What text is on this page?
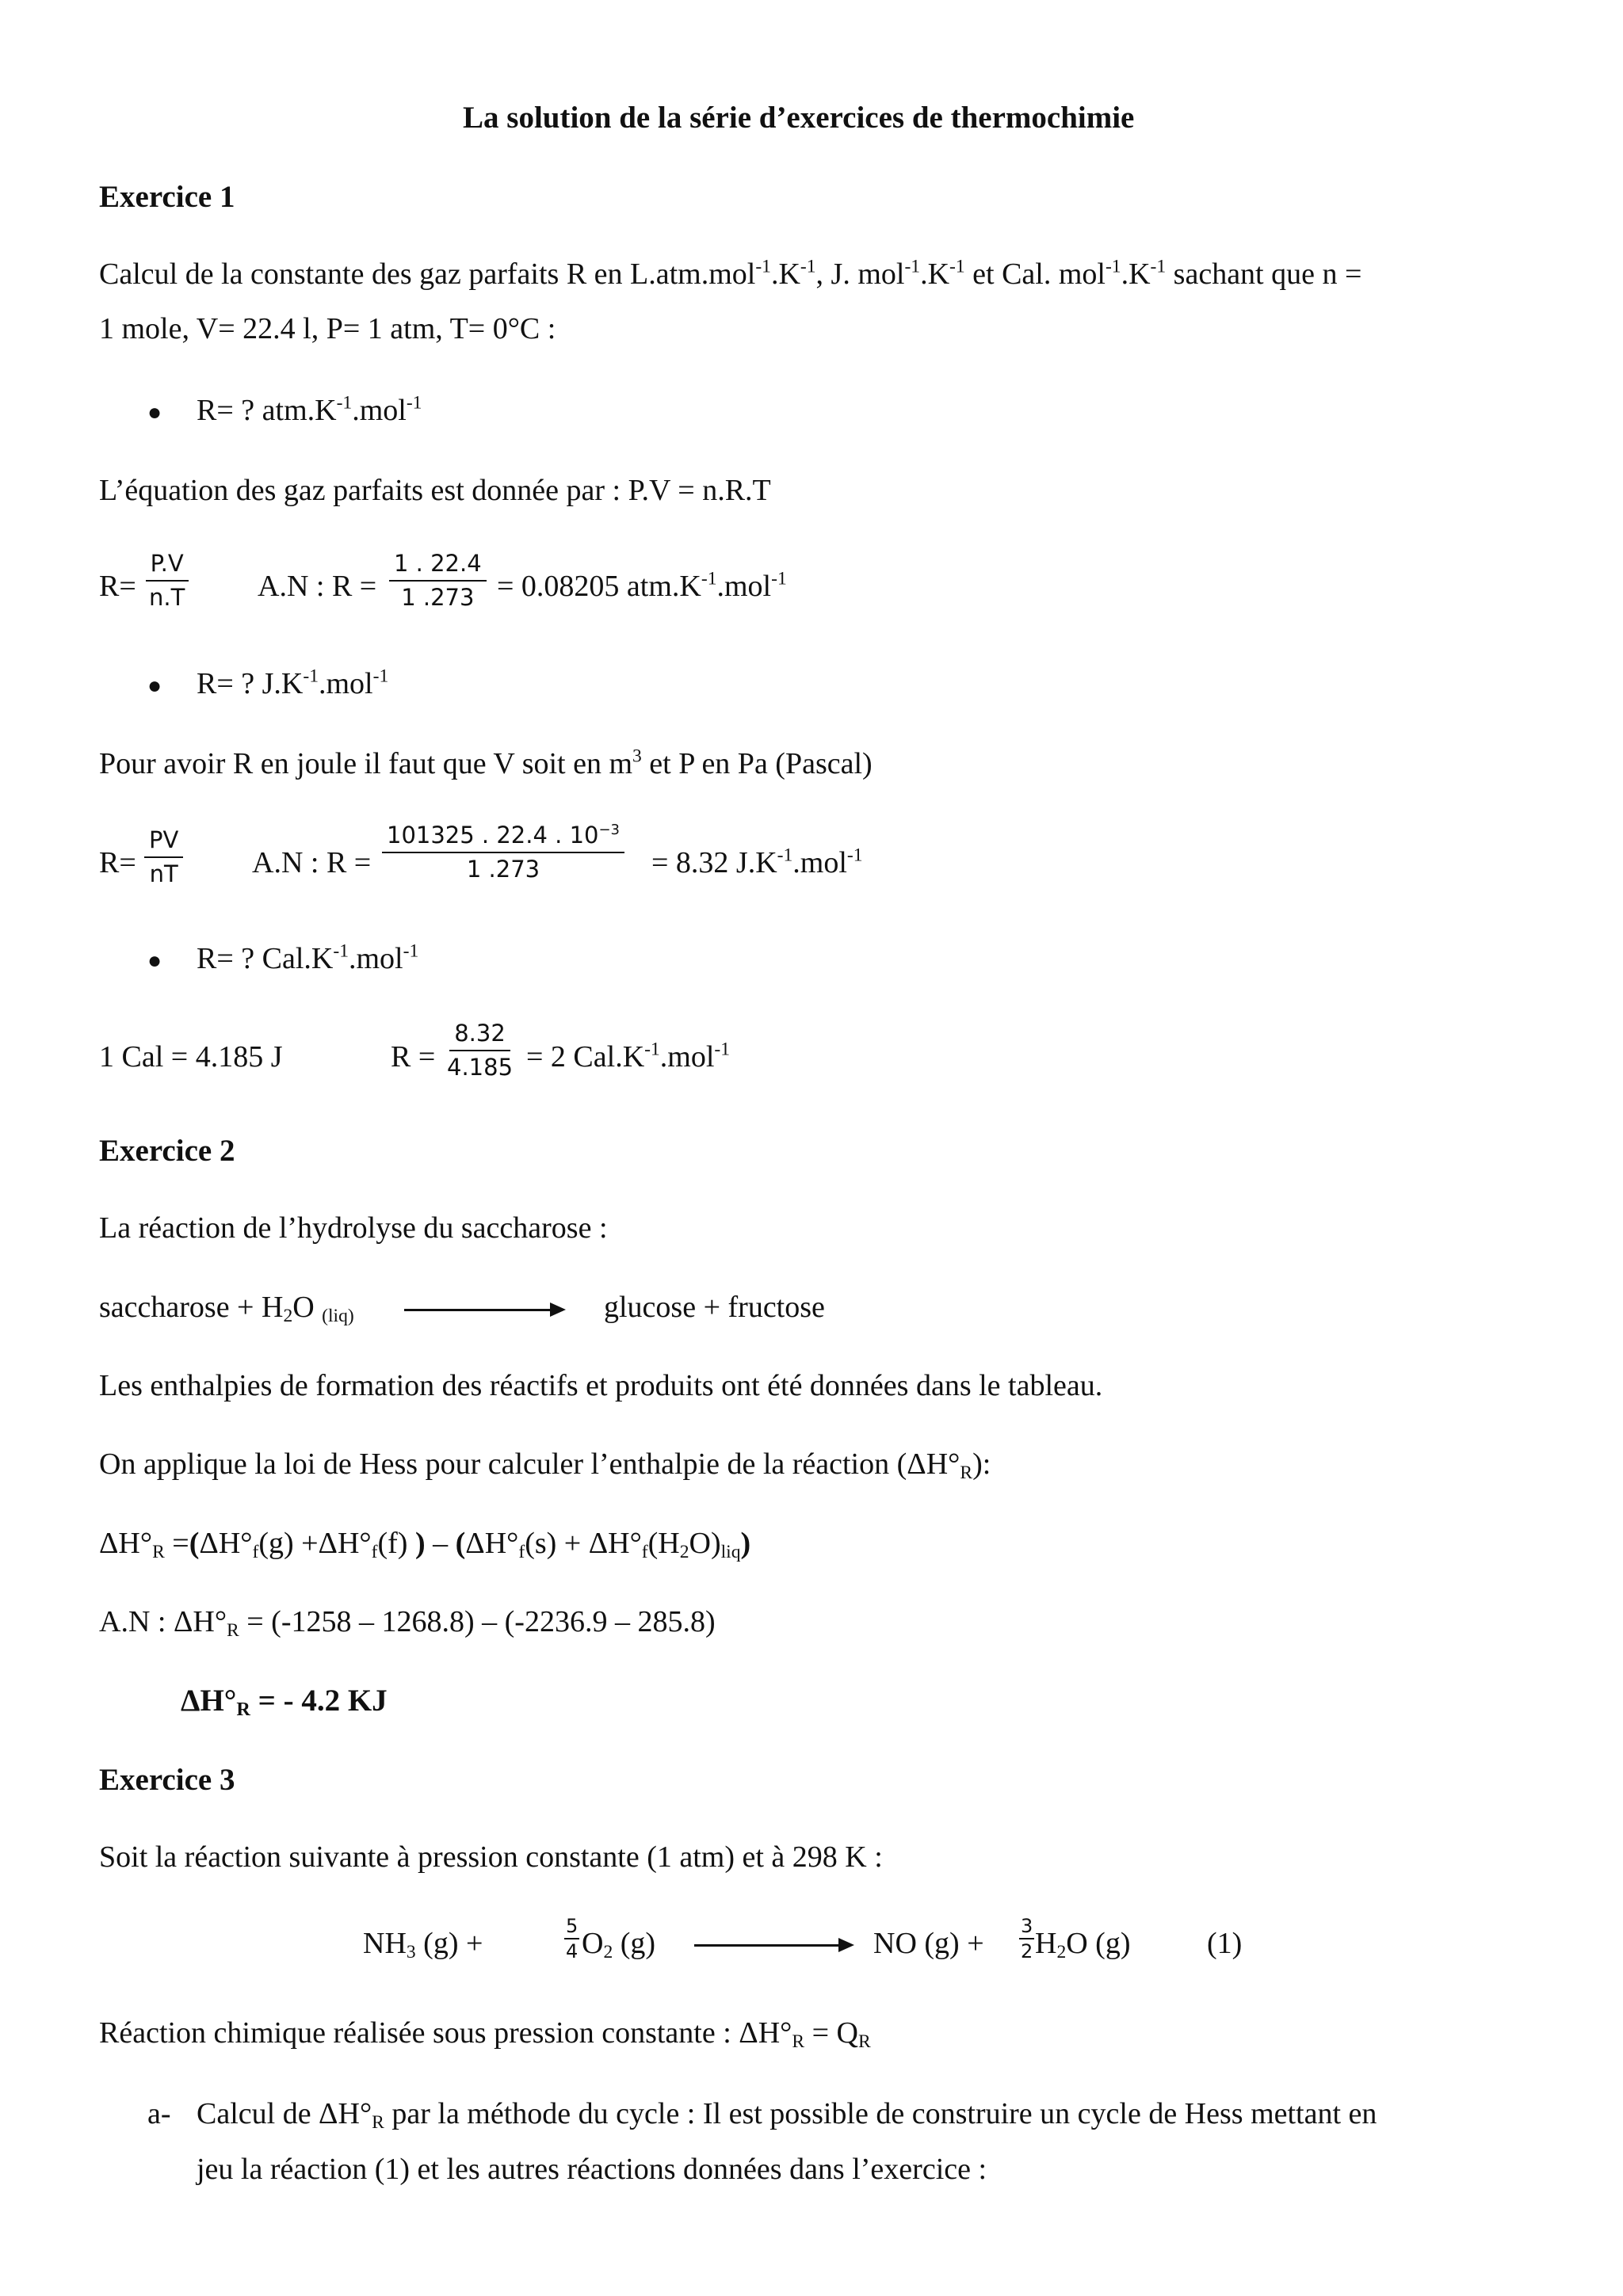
La solution de la série d’exercices de thermochimie
Exercice 1
Calcul de la constante des gaz parfaits R en $L.atm.mol^{-1}.K^{-1}$, J. $mol^{-1}.K^{-1}$ et Cal. $mol^{-1}.K^{-1}$ sachant que n =
1 mole, V= 22.4 l, P= 1 atm, T= 0°C :
● R= ? $atm.K^{-1}.mol^{-1}$
L’équation des gaz parfaits est donnée par : P.V = n.R.T
$R= \frac{P.V}{n.T} A.N$ : $R = \frac{1 . 22.4}{1 .273} = 0.08205$ $atm.K^{-1}.mol^{-1}$
● R= ? $J.K^{-1}.mol^{-1}$
Pour avoir R en joule il faut que V soit en $m^3$ et P en Pa (Pascal)
$R= \frac{PV}{nT} A.N$ : $R = \frac{101325 . 22.4 . 10^{-3}}{1 .273} = 8.32$ $J.K^{-1}.mol^{-1}$
● R= ? $Cal.K^{-1}.mol^{-1}$
1 Cal = 4.185 J	$R = \frac{8.32}{4.185} = 2$ $Cal.K^{-1}.mol^{-1}$
Exercice 2
La réaction de l’hydrolyse du saccharose :
saccharose + $H_2O$ $_{(liq)}$	glucose + fructose
Les enthalpies de formation des réactifs et produits ont été données dans le tableau.
On applique la loi de Hess pour calculer l’enthalpie de la réaction $(\Delta H^\circ_R)$:
$\Delta H^\circ_R =(\Delta H^\circ_f(g) +\Delta H^\circ_f(f)$ ) – $(\Delta H^\circ_f(s) + \Delta H^\circ_f(H_2O)_{liq})$
A.N : $\Delta H^\circ_R = (-1258 - 1268.8) - (-2236.9 - 285.8)$
$\Delta H^\circ_R$ = - 4.2 KJ
Exercice 3
Soit la réaction suivante à pression constante (1 atm) et à 298 K :
$NH_3$ (g) +	$\frac{5}{4} O_2$ (g)	NO $(g) + \frac{3}{2} H_2O$ (g)	(1)
Réaction chimique réalisée sous pression constante : $\Delta H^\circ_R = Q_R$
a- Calcul de $\Delta H^\circ_R$ par la méthode du cycle : Il est possible de construire un cycle de Hess mettant en
jeu la réaction (1) et les autres réactions données dans l’exercice :
